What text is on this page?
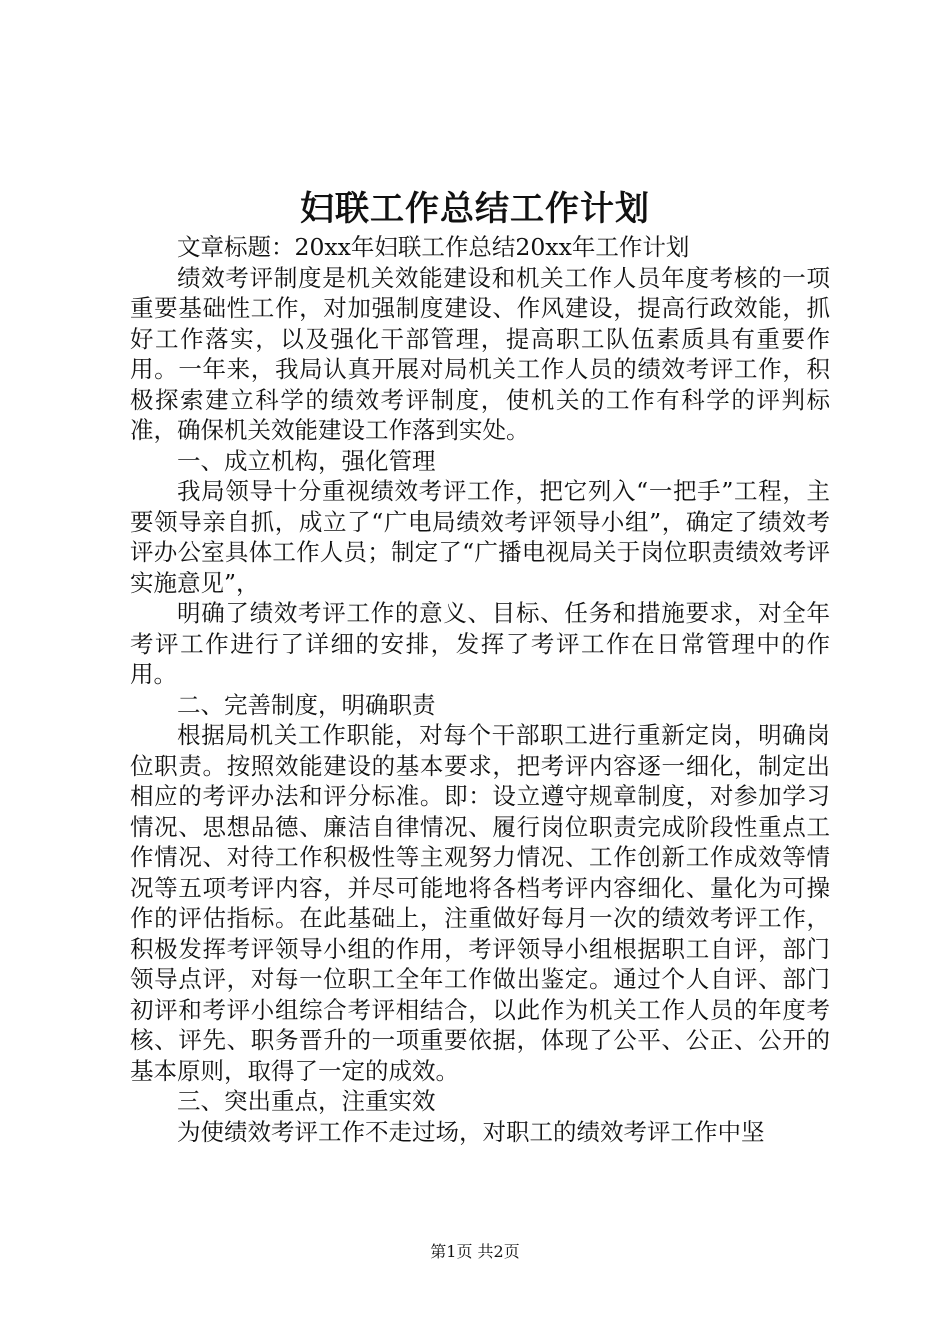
妇联工作总结工作计划

文章标题：20xx年妇联工作总结20xx年工作计划

绩效考评制度是机关效能建设和机关工作人员年度考核的一项重要基础性工作，对加强制度建设、作风建设，提高行政效能，抓好工作落实，以及强化干部管理，提高职工队伍素质具有重要作用。一年来，我局认真开展对局机关工作人员的绩效考评工作，积极探索建立科学的绩效考评制度，使机关的工作有科学的评判标准，确保机关效能建设工作落到实处。

一、成立机构，强化管理

我局领导十分重视绩效考评工作，把它列入“一把手”工程，主要领导亲自抓，成立了“广电局绩效考评领导小组”，确定了绩效考评办公室具体工作人员；制定了“广播电视局关于岗位职责绩效考评实施意见”，

明确了绩效考评工作的意义、目标、任务和措施要求，对全年考评工作进行了详细的安排，发挥了考评工作在日常管理中的作用。

二、完善制度，明确职责

根据局机关工作职能，对每个干部职工进行重新定岗，明确岗位职责。按照效能建设的基本要求，把考评内容逐一细化，制定出相应的考评办法和评分标准。即：设立遵守规章制度，对参加学习情况、思想品德、廉洁自律情况、履行岗位职责完成阶段性重点工作情况、对待工作积极性等主观努力情况、工作创新工作成效等情况等五项考评内容，并尽可能地将各档考评内容细化、量化为可操作的评估指标。在此基础上，注重做好每月一次的绩效考评工作，积极发挥考评领导小组的作用，考评领导小组根据职工自评，部门领导点评，对每一位职工全年工作做出鉴定。通过个人自评、部门初评和考评小组综合考评相结合，以此作为机关工作人员的年度考核、评先、职务晋升的一项重要依据，体现了公平、公正、公开的基本原则，取得了一定的成效。

三、突出重点，注重实效

为使绩效考评工作不走过场，对职工的绩效考评工作中坚

第1页 共2页
